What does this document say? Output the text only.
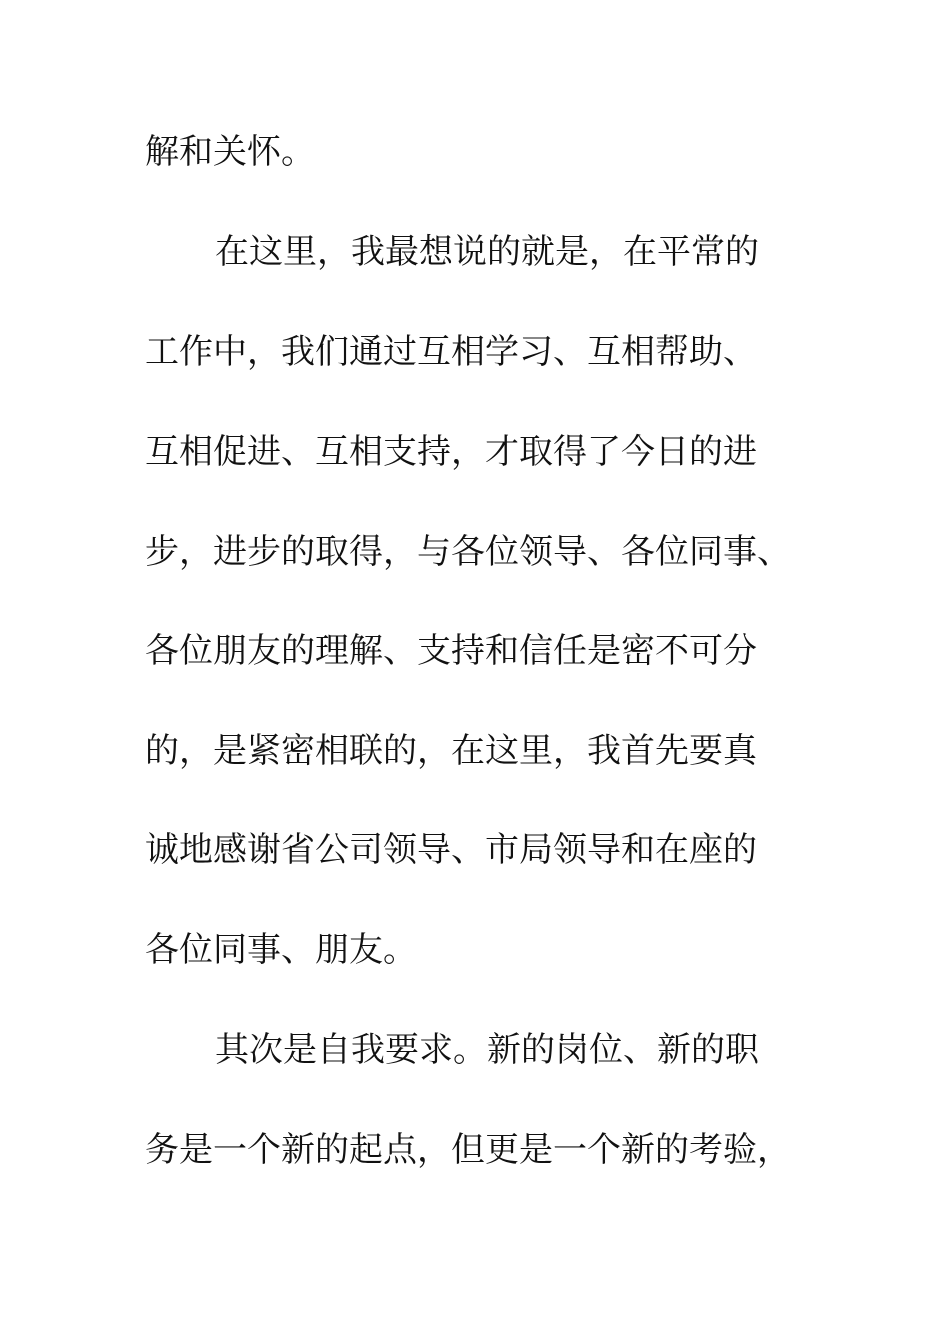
解和关怀。
在这里，我最想说的就是，在平常的
工作中，我们通过互相学习、互相帮助、
互相促进、互相支持，才取得了今日的进
步，进步的取得，与各位领导、各位同事、
各位朋友的理解、支持和信任是密不可分
的，是紧密相联的，在这里，我首先要真
诚地感谢省公司领导、市局领导和在座的
各位同事、朋友。
其次是自我要求。新的岗位、新的职
务是一个新的起点，但更是一个新的考验，
